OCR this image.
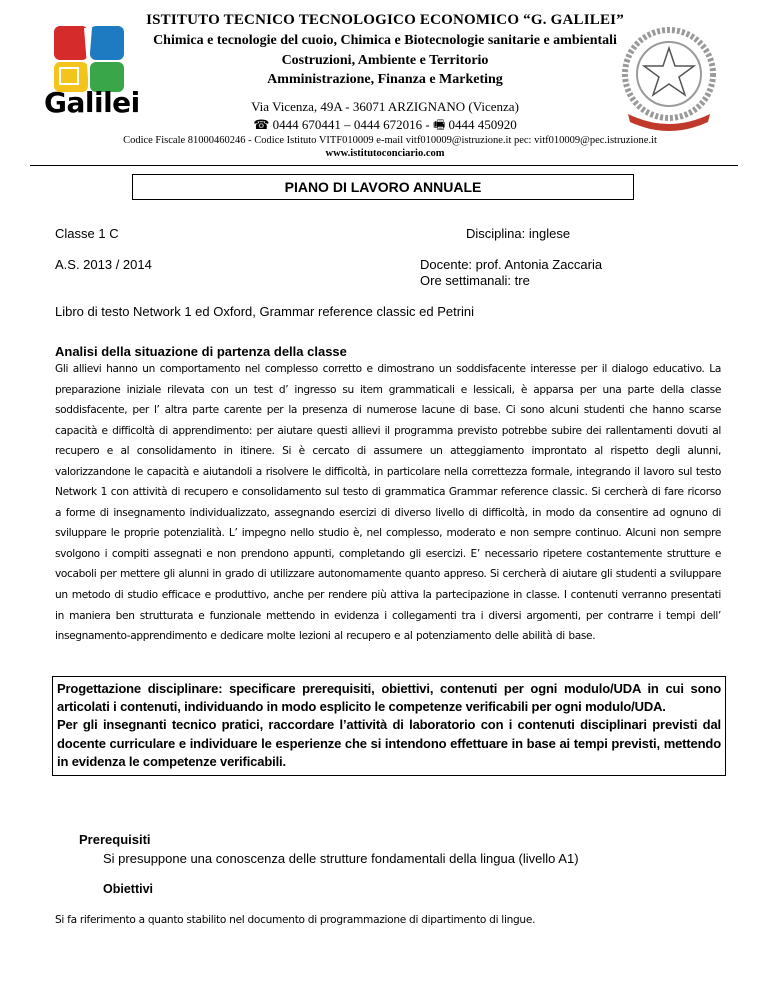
Galilei
ISTITUTO TECNICO TECNOLOGICO ECONOMICO “G. GALILEI”
Chimica e tecnologie del cuoio, Chimica e Biotecnologie sanitarie e ambientali
Costruzioni, Ambiente e Territorio
Amministrazione, Finanza e Marketing
Via Vicenza, 49A - 36071 ARZIGNANO (Vicenza)
☎ 0444 670441 – 0444 672016 - 🖷 0444 450920
Codice Fiscale 81000460246 - Codice Istituto VITF010009 e-mail vitf010009@istruzione.it pec: vitf010009@pec.istruzione.it
www.istitutoconciario.com
PIANO DI LAVORO ANNUALE
Classe 1 C	Disciplina: inglese
A.S. 2013 / 2014	Docente: prof. Antonia Zaccaria
Ore settimanali: tre
Libro di testo Network 1 ed Oxford, Grammar reference classic ed Petrini
Analisi della situazione di partenza della classe
Gli allievi hanno un comportamento nel complesso corretto e dimostrano un soddisfacente interesse per il dialogo educativo. La preparazione iniziale rilevata con un test d’ ingresso su item grammaticali e lessicali, è apparsa per una parte della classe soddisfacente, per l’ altra parte carente per la presenza di numerose lacune di base. Ci sono alcuni studenti che hanno scarse capacità e difficoltà di apprendimento: per aiutare questi allievi il programma previsto potrebbe subire dei rallentamenti dovuti al recupero e al consolidamento in itinere. Si è cercato di assumere un atteggiamento improntato al rispetto degli alunni, valorizzandone le capacità e aiutandoli a risolvere le difficoltà, in particolare nella correttezza formale, integrando il lavoro sul testo Network 1 con attività di recupero e consolidamento sul testo di grammatica Grammar reference classic. Si cercherà di fare ricorso a forme di insegnamento individualizzato, assegnando esercizi di diverso livello di difficoltà, in modo da consentire ad ognuno di sviluppare le proprie potenzialità. L’ impegno nello studio è, nel complesso, moderato e non sempre continuo. Alcuni non sempre svolgono i compiti assegnati e non prendono appunti, completando gli esercizi. E’ necessario ripetere costantemente strutture e vocaboli per mettere gli alunni in grado di utilizzare autonomamente quanto appreso. Si cercherà di aiutare gli studenti a sviluppare un metodo di studio efficace e produttivo, anche per rendere più attiva la partecipazione in classe. I contenuti verranno presentati in maniera ben strutturata e funzionale mettendo in evidenza i collegamenti tra i diversi argomenti, per contrarre i tempi dell’ insegnamento-apprendimento e dedicare molte lezioni al recupero e al potenziamento delle abilità di base.
Progettazione disciplinare: specificare prerequisiti, obiettivi, contenuti per ogni modulo/UDA in cui sono articolati i contenuti, individuando in modo esplicito le competenze verificabili per ogni modulo/UDA.
Per gli insegnanti tecnico pratici, raccordare l’attività di laboratorio con i contenuti disciplinari previsti dal docente curriculare e individuare le esperienze che si intendono effettuare in base ai tempi previsti, mettendo in evidenza le competenze verificabili.
Prerequisiti
Si presuppone una conoscenza delle strutture fondamentali della lingua (livello A1)
Obiettivi
Si fa riferimento a quanto stabilito nel documento di programmazione di dipartimento di lingue.
